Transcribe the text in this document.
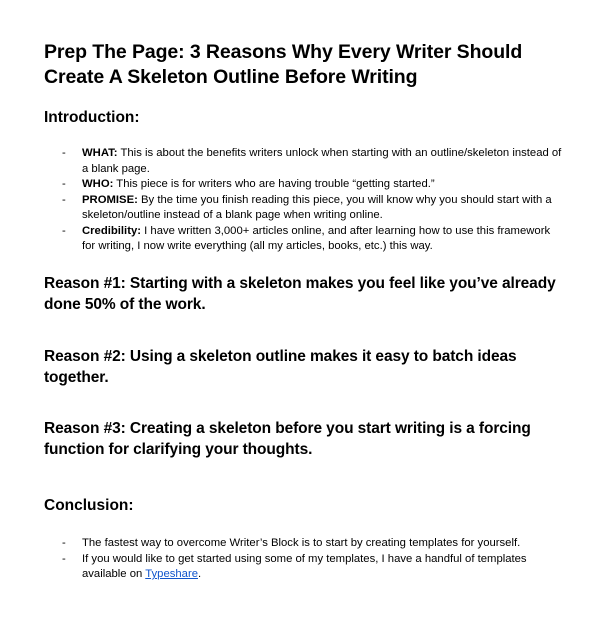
Prep The Page: 3 Reasons Why Every Writer Should Create A Skeleton Outline Before Writing
Introduction:
- WHAT: This is about the benefits writers unlock when starting with an outline/skeleton instead of a blank page.
- WHO: This piece is for writers who are having trouble “getting started.”
- PROMISE: By the time you finish reading this piece, you will know why you should start with a skeleton/outline instead of a blank page when writing online.
- Credibility: I have written 3,000+ articles online, and after learning how to use this framework for writing, I now write everything (all my articles, books, etc.) this way.
Reason #1: Starting with a skeleton makes you feel like you’ve already done 50% of the work.
Reason #2: Using a skeleton outline makes it easy to batch ideas together.
Reason #3: Creating a skeleton before you start writing is a forcing function for clarifying your thoughts.
Conclusion:
- The fastest way to overcome Writer’s Block is to start by creating templates for yourself.
- If you would like to get started using some of my templates, I have a handful of templates available on Typeshare.
